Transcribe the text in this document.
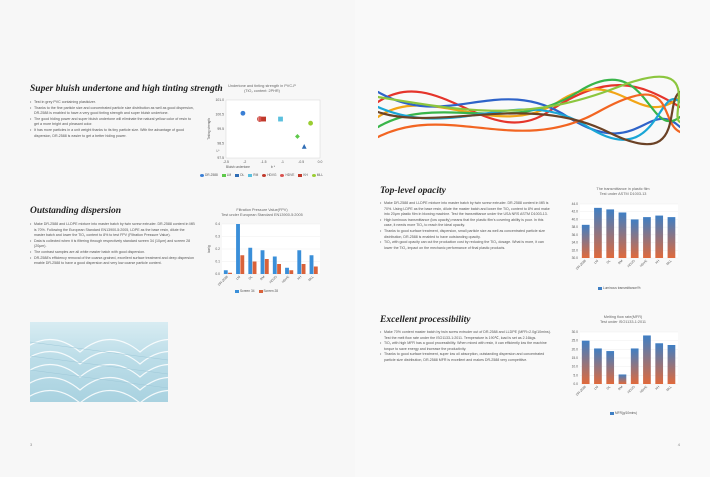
Super bluish undertone and high tinting strength
• Test in grey PVC containing plasticizer.
• Thanks to the fine particle size and concentrated particle size distribution as well as good dispersion, DR-2588 is enabled to have a very good tinting strength and super bluish undertone.
• The good hiding power and super bluish undertone will eliminate the natural yellow color of resin to get a more bright and pleasant color.
• It has more particles in a unit weight thanks to its tiny particle size. With the advantage of good dispersion, DR-2588 is easier to get a better hiding power.
Undertone and tinting strength in PVC-P
(TiO₂ content: 2PHR)
-2.5	-2	-1.5	-1	-0.5	0.0
97.5
98.5
99.5
100.5
101.0
Tinting strength
L*
b *
Bluish undertone
DR-2588	LM	DL	RM	HDVG	HDVE	KH	MLL
Outstanding dispersion
• Make DR-2588 and LLDPE mixture into master batch by twin screw extruder. DR-2588 content in MB is 70%. Following the European Standard EN13900-5:2005, LDPE as the base resin, dilute the master batch and lower the TiO₂ content to 8% to test FPV (Filtration Pressure Value).
• Data is collected when it is filtering through respectively standard screen 34 (10μm) and screen 28 (20μm).
• The contrast samples are all white master batch with good dispersion.
• DR-2588's efficiency removal of the coarse-grained, excellent surface treatment and deep dispersion enable DR-2588 to have a good dispersion and very low coarse particle content.
Filtration Pressure Value(FPV)
Test under European Standard EN13900-5:2005
0.0
0.1
0.2
0.3
0.4
bar/g
DR-2588 LM DL RM HDVG HDVE KH MLL
Screen 34	Screen 28
3	4
Top-level opacity
• Make DR-2588 and LLDPE mixture into master batch by twin screw extruder. DR-2588 content in MB is 70%. Using LDPE as the base resin, dilute the master batch and lower the TiO₂ content to 8% and make into 20μm plastic film in blowing machine. Test the transmittance under the USA NRS ASTM D1003-13.
• High luminous transmittance (low opacity) means that the plastic film's covering ability is poor. In this case, it needs more TiO₂ to reach the ideal opacity.
• Thanks to good surface treatment, dispersion, small particle size as well as concentrated particle size distribution, DR-2588 is enabled to have outstanding opacity.
• TiO₂ with good opacity can cut the production cost by reducing the TiO₂ dosage. What is more, it can lower the TiO₂ impact on the mechanic performance of final plastic products.
The transmittance in plastic film
Test under ASTM D1003-13
30.0
32.0
34.0
36.0
38.0
40.0
42.0
44.0
DR-2588 LM DL RM HDVG HDVE KH MLL
Luminous transmittance/%
Excellent processibility
• Make 70% content master batch by twin screw extruder out of DR-2588 and LLDPE (MFR=2.0g/10mins). Test the melt flow rate under the ISO1133-1:2011. Temperature is 190℃, load is set as 2.16kgs.
• TiO₂ with high MFR has a good processibility. When mixed with resin, it can efficiently low the machine torque to save energy and increase the productivity.
• Thanks to good surface treatment, super low oil absorption, outstanding dispersion and concentrated particle size distribution, DR-2588 MFR is excellent and makes DR-2588 very competitive.
Melting flow rate(MFR)
Test under ISO1133-1:2011
0.0
5.0
10.0
15.0
20.0
25.0
30.0
DR-2588 LM DL RM HDVG HDVE KH MLL
MFR(g/10mins)
